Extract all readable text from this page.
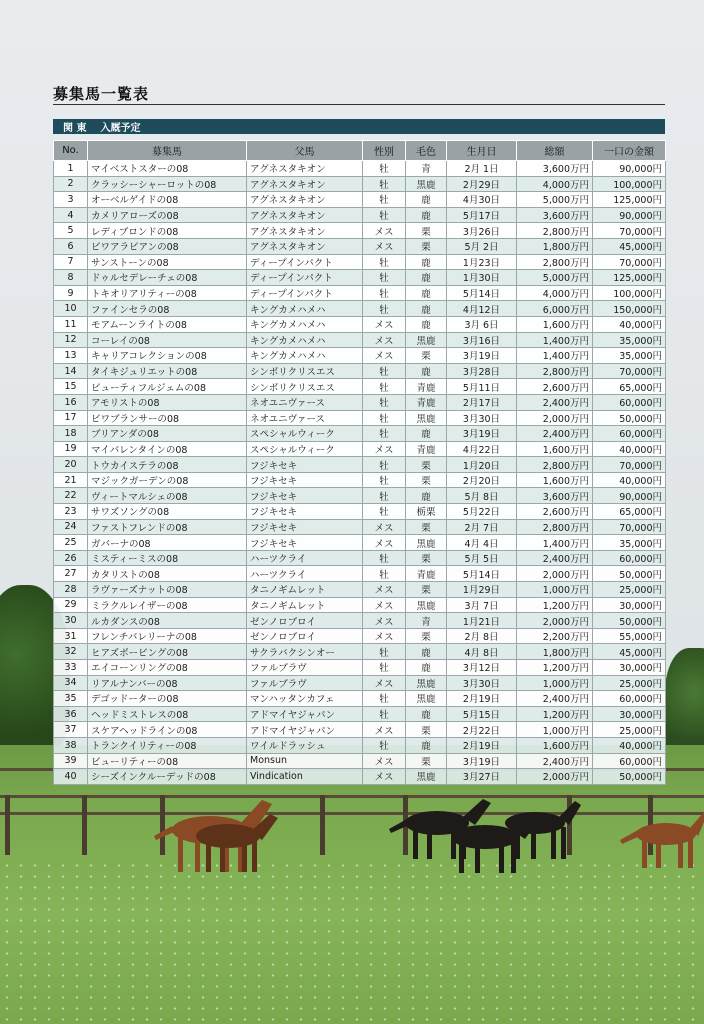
募集馬一覧表
関 東 入厩予定
No.	募集馬	父馬	性別	毛色	生月日	総額	一口の金額
1	マイベストスターの08	アグネスタキオン	牡	青	2月 1日	3,600万円	90,000円
2	クラッシーシャーロットの08	アグネスタキオン	牡	黒鹿	2月29日	4,000万円	100,000円
3	オーベルゲイドの08	アグネスタキオン	牡	鹿	4月30日	5,000万円	125,000円
4	カメリアローズの08	アグネスタキオン	牡	鹿	5月17日	3,600万円	90,000円
5	レディブロンドの08	アグネスタキオン	メス	栗	3月26日	2,800万円	70,000円
6	ビワアラビアンの08	アグネスタキオン	メス	栗	5月 2日	1,800万円	45,000円
7	サンストーンの08	ディープインパクト	牡	鹿	1月23日	2,800万円	70,000円
8	ドゥルセデレーチェの08	ディープインパクト	牡	鹿	1月30日	5,000万円	125,000円
9	トキオリアリティーの08	ディープインパクト	牡	鹿	5月14日	4,000万円	100,000円
10	ファインセラの08	キングカメハメハ	牡	鹿	4月12日	6,000万円	150,000円
11	モアムーンライトの08	キングカメハメハ	メス	鹿	3月 6日	1,600万円	40,000円
12	コーレイの08	キングカメハメハ	メス	黒鹿	3月16日	1,400万円	35,000円
13	キャリアコレクションの08	キングカメハメハ	メス	栗	3月19日	1,400万円	35,000円
14	タイキジュリエットの08	シンボリクリスエス	牡	鹿	3月28日	2,800万円	70,000円
15	ビューティフルジェムの08	シンボリクリスエス	牡	青鹿	5月11日	2,600万円	65,000円
16	アモリストの08	ネオユニヴァース	牡	青鹿	2月17日	2,400万円	60,000円
17	ビワブランサーの08	ネオユニヴァース	牡	黒鹿	3月30日	2,000万円	50,000円
18	ブリアンダの08	スペシャルウィーク	牡	鹿	3月19日	2,400万円	60,000円
19	マイバレンタインの08	スペシャルウィーク	メス	青鹿	4月22日	1,600万円	40,000円
20	トウカイステラの08	フジキセキ	牡	栗	1月20日	2,800万円	70,000円
21	マジックガーデンの08	フジキセキ	牡	栗	2月20日	1,600万円	40,000円
22	ヴィートマルシェの08	フジキセキ	牡	鹿	5月 8日	3,600万円	90,000円
23	サワズソングの08	フジキセキ	牡	栃栗	5月22日	2,600万円	65,000円
24	ファストフレンドの08	フジキセキ	メス	栗	2月 7日	2,800万円	70,000円
25	ガバーナの08	フジキセキ	メス	黒鹿	4月 4日	1,400万円	35,000円
26	ミスティーミスの08	ハーツクライ	牡	栗	5月 5日	2,400万円	60,000円
27	カタリストの08	ハーツクライ	牡	青鹿	5月14日	2,000万円	50,000円
28	ラヴァーズナットの08	タニノギムレット	メス	栗	1月29日	1,000万円	25,000円
29	ミラクルレイザーの08	タニノギムレット	メス	黒鹿	3月 7日	1,200万円	30,000円
30	ルカダンスの08	ゼンノロブロイ	メス	青	1月21日	2,000万円	50,000円
31	フレンチバレリーナの08	ゼンノロブロイ	メス	栗	2月 8日	2,200万円	55,000円
32	ヒアズボービングの08	サクラバクシンオー	牡	鹿	4月 8日	1,800万円	45,000円
33	エイコーンリングの08	ファルブラヴ	牡	鹿	3月12日	1,200万円	30,000円
34	リアルナンバーの08	ファルブラヴ	メス	黒鹿	3月30日	1,000万円	25,000円
35	デゴッドーターの08	マンハッタンカフェ	牡	黒鹿	2月19日	2,400万円	60,000円
36	ヘッドミストレスの08	アドマイヤジャパン	牡	鹿	5月15日	1,200万円	30,000円
37	スケアヘッドラインの08	アドマイヤジャパン	メス	栗	2月22日	1,000万円	25,000円
38	トランクイリティーの08	ワイルドラッシュ	牡	鹿	2月19日	1,600万円	40,000円
39	ビューリティーの08	Monsun	メス	栗	3月19日	2,400万円	60,000円
40	シーズインクルーデッドの08	Vindication	メス	黒鹿	3月27日	2,000万円	50,000円
